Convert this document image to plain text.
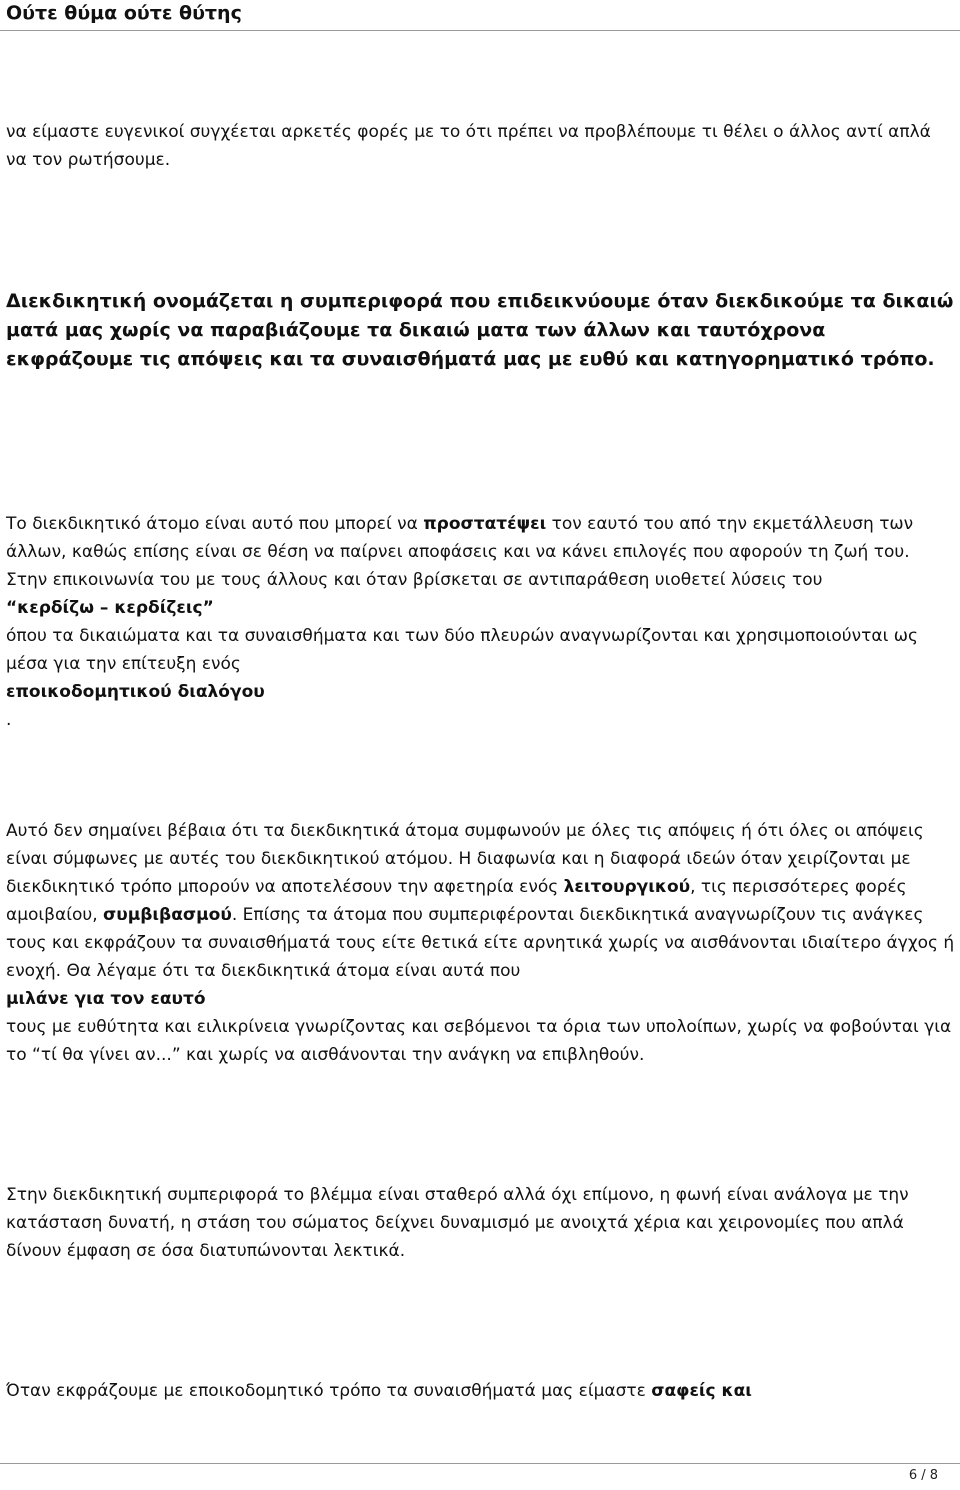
Ούτε θύμα ούτε θύτης

να είμαστε ευγενικοί συγχέεται αρκετές φορές με το ότι πρέπει να προβλέπουμε τι θέλει ο άλλος αντί απλά να τον ρωτήσουμε.

Διεκδικητική ονομάζεται η συμπεριφορά που επιδεικνύουμε όταν διεκδικούμε τα δικαιώ ματά μας χωρίς να παραβιάζουμε τα δικαιώ ματα των άλλων και ταυτόχρονα εκφράζουμε τις απόψεις και τα συναισθήματά μας με ευθύ και κατηγορηματικό τρόπο.

Το διεκδικητικό άτομο είναι αυτό που μπορεί να προστατέψει τον εαυτό του από την εκμετάλλευση των άλλων, καθώς επίσης είναι σε θέση να παίρνει αποφάσεις και να κάνει επιλογές που αφορούν τη ζωή του. Στην επικοινωνία του με τους άλλους και όταν βρίσκεται σε αντιπαράθεση υιοθετεί λύσεις του
“κερδίζω – κερδίζεις”
όπου τα δικαιώματα και τα συναισθήματα και των δύο πλευρών αναγνωρίζονται και χρησιμοποιούνται ως μέσα για την επίτευξη ενός
εποικοδομητικού διαλόγου
.

Αυτό δεν σημαίνει βέβαια ότι τα διεκδικητικά άτομα συμφωνούν με όλες τις απόψεις ή ότι όλες οι απόψεις είναι σύμφωνες με αυτές του διεκδικητικού ατόμου. Η διαφωνία και η διαφορά ιδεών όταν χειρίζονται με διεκδικητικό τρόπο μπορούν να αποτελέσουν την αφετηρία ενός λειτουργικού, τις περισσότερες φορές αμοιβαίου, συμβιβασμού. Επίσης τα άτομα που συμπεριφέρονται διεκδικητικά αναγνωρίζουν τις ανάγκες τους και εκφράζουν τα συναισθήματά τους είτε θετικά είτε αρνητικά χωρίς να αισθάνονται ιδιαίτερο άγχος ή ενοχή. Θα λέγαμε ότι τα διεκδικητικά άτομα είναι αυτά που
μιλάνε για τον εαυτό
τους με ευθύτητα και ειλικρίνεια γνωρίζοντας και σεβόμενοι τα όρια των υπολοίπων, χωρίς να φοβούνται για το “τί θα γίνει αν...” και χωρίς να αισθάνονται την ανάγκη να επιβληθούν.

Στην διεκδικητική συμπεριφορά το βλέμμα είναι σταθερό αλλά όχι επίμονο, η φωνή είναι ανάλογα με την κατάσταση δυνατή, η στάση του σώματος δείχνει δυναμισμό με ανοιχτά χέρια και χειρονομίες που απλά δίνουν έμφαση σε όσα διατυπώνονται λεκτικά.

Όταν εκφράζουμε με εποικοδομητικό τρόπο τα συναισθήματά μας είμαστε σαφείς και

6 / 8
